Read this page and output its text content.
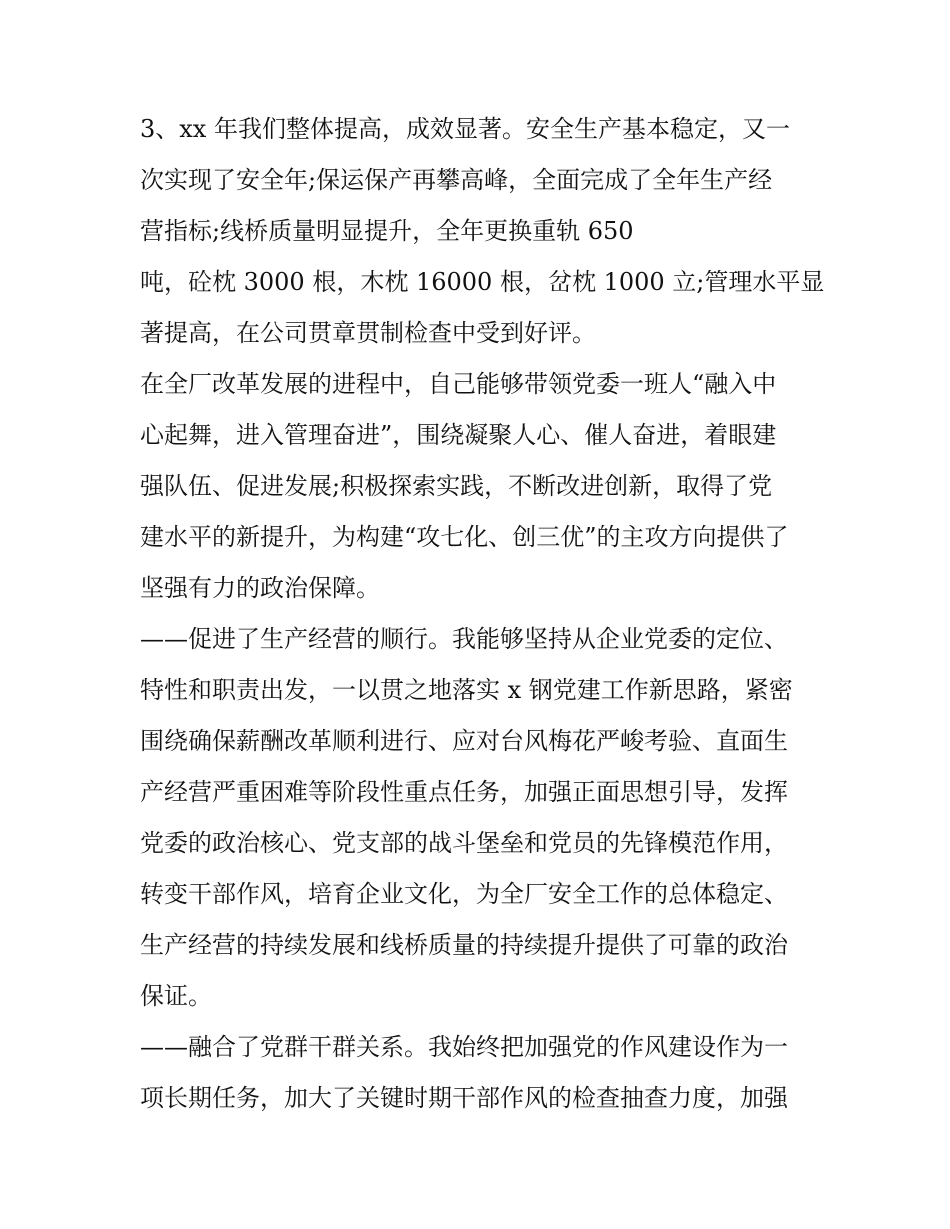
3、xx 年我们整体提高，成效显著。安全生产基本稳定，又一
次实现了安全年;保运保产再攀高峰，全面完成了全年生产经
营指标;线桥质量明显提升，全年更换重轨 650
吨，砼枕 3000 根，木枕 16000 根，岔枕 1000 立;管理水平显
著提高，在公司贯章贯制检查中受到好评。
在全厂改革发展的进程中，自己能够带领党委一班人“融入中
心起舞，进入管理奋进”，围绕凝聚人心、催人奋进，着眼建
强队伍、促进发展;积极探索实践，不断改进创新，取得了党
建水平的新提升，为构建“攻七化、创三优”的主攻方向提供了
坚强有力的政治保障。
——促进了生产经营的顺行。我能够坚持从企业党委的定位、
特性和职责出发，一以贯之地落实 x 钢党建工作新思路，紧密
围绕确保薪酬改革顺利进行、应对台风梅花严峻考验、直面生
产经营严重困难等阶段性重点任务，加强正面思想引导，发挥
党委的政治核心、党支部的战斗堡垒和党员的先锋模范作用，
转变干部作风，培育企业文化，为全厂安全工作的总体稳定、
生产经营的持续发展和线桥质量的持续提升提供了可靠的政治
保证。
——融合了党群干群关系。我始终把加强党的作风建设作为一
项长期任务，加大了关键时期干部作风的检查抽查力度，加强
